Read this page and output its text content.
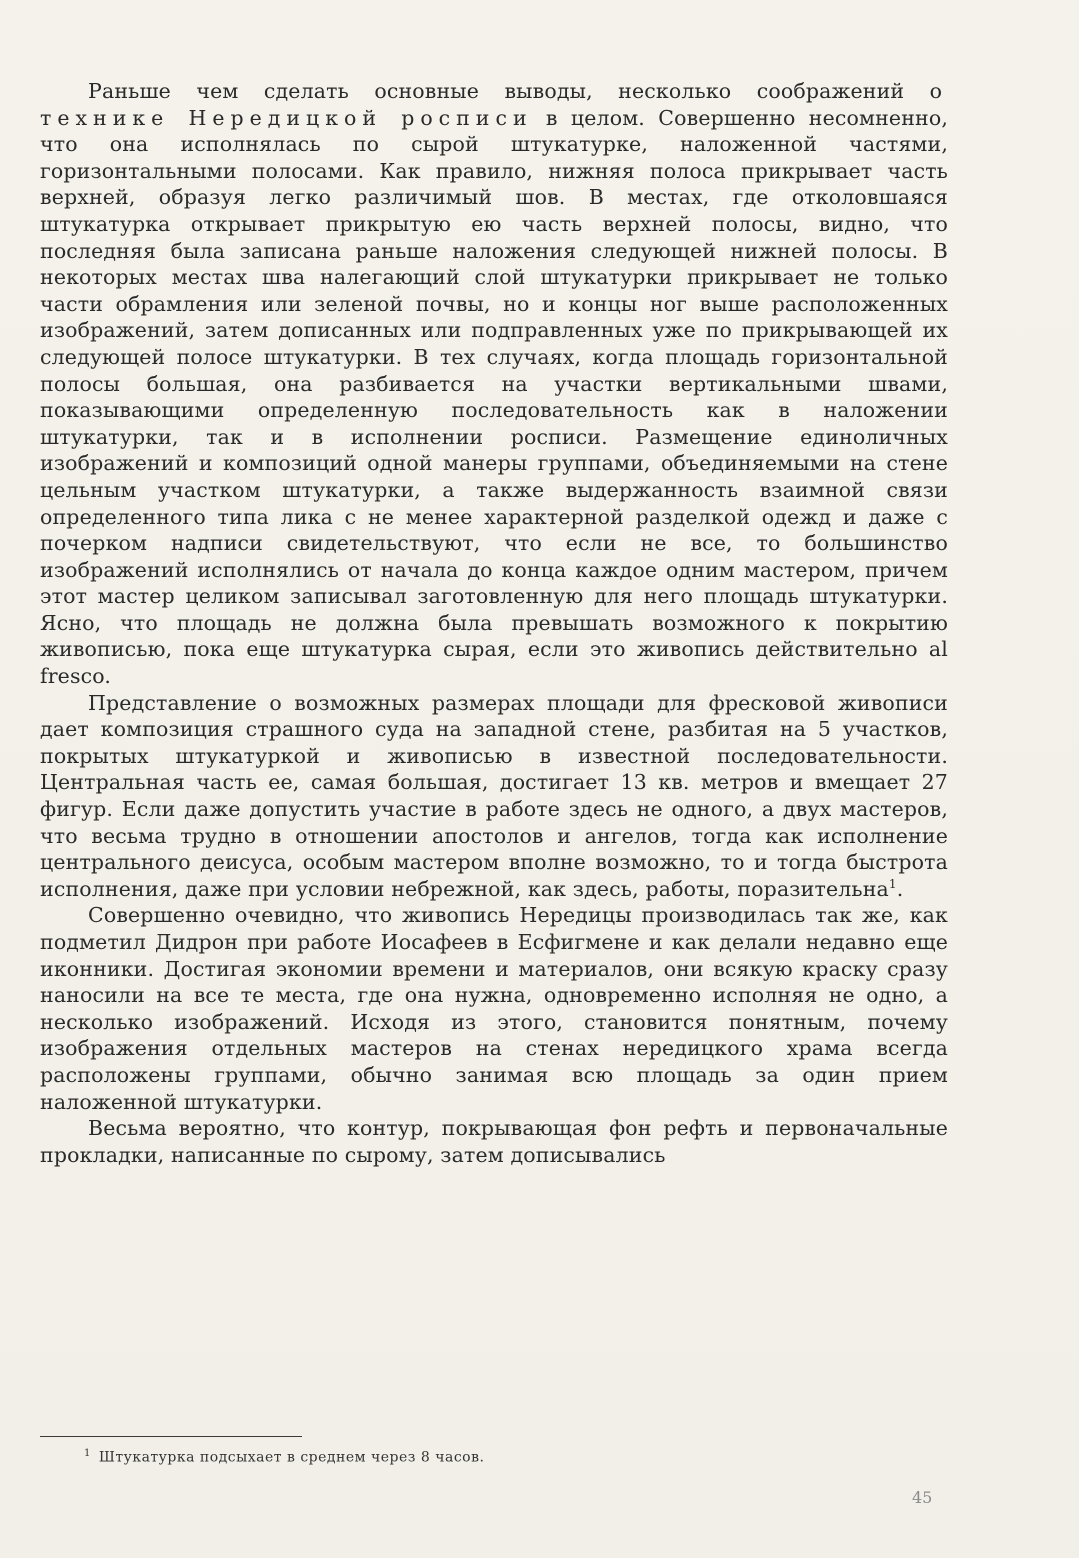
Раньше чем сделать основные выводы, несколько соображений о технике Нередицкой росписи в целом. Совершенно несомненно, что она исполнялась по сырой штукатурке, наложенной частями, горизонтальными полосами. Как правило, нижняя полоса прикрывает часть верхней, образуя легко различимый шов. В местах, где отколовшаяся штукатурка открывает прикрытую ею часть верхней полосы, видно, что последняя была записана раньше наложения следующей нижней полосы. В некоторых местах шва налегающий слой штукатурки прикрывает не только части обрамления или зеленой почвы, но и концы ног выше расположенных изображений, затем дописанных или подправленных уже по прикрывающей их следующей полосе штукатурки. В тех случаях, когда площадь горизонтальной полосы большая, она разбивается на участки вертикальными швами, показывающими определенную последовательность как в наложении штукатурки, так и в исполнении росписи. Размещение единоличных изображений и композиций одной манеры группами, объединяемыми на стене цельным участком штукатурки, а также выдержанность взаимной связи определенного типа лика с не менее характерной разделкой одежд и даже с почерком надписи свидетельствуют, что если не все, то большинство изображений исполнялись от начала до конца каждое одним мастером, причем этот мастер целиком записывал заготовленную для него площадь штукатурки. Ясно, что площадь не должна была превышать возможного к покрытию живописью, пока еще штукатурка сырая, если это живопись действительно al fresco.

Представление о возможных размерах площади для фресковой живописи дает композиция страшного суда на западной стене, разбитая на 5 участков, покрытых штукатуркой и живописью в известной последовательности. Центральная часть ее, самая большая, достигает 13 кв. метров и вмещает 27 фигур. Если даже допустить участие в работе здесь не одного, а двух мастеров, что весьма трудно в отношении апостолов и ангелов, тогда как исполнение центрального деисуса, особым мастером вполне возможно, то и тогда быстрота исполнения, даже при условии небрежной, как здесь, работы, поразительна$^1$.

Совершенно очевидно, что живопись Нередицы производилась так же, как подметил Дидрон при работе Иосафеев в Есфигмене и как делали недавно еще иконники. Достигая экономии времени и материалов, они всякую краску сразу наносили на все те места, где она нужна, одновременно исполняя не одно, а несколько изображений. Исходя из этого, становится понятным, почему изображения отдельных мастеров на стенах нередицкого храма всегда расположены группами, обычно занимая всю площадь за один прием наложенной штукатурки.

Весьма вероятно, что контур, покрывающая фон рефть и первоначальные прокладки, написанные по сырому, затем дописывались

$^1$ Штукатурка подсыхает в среднем через 8 часов.
45
